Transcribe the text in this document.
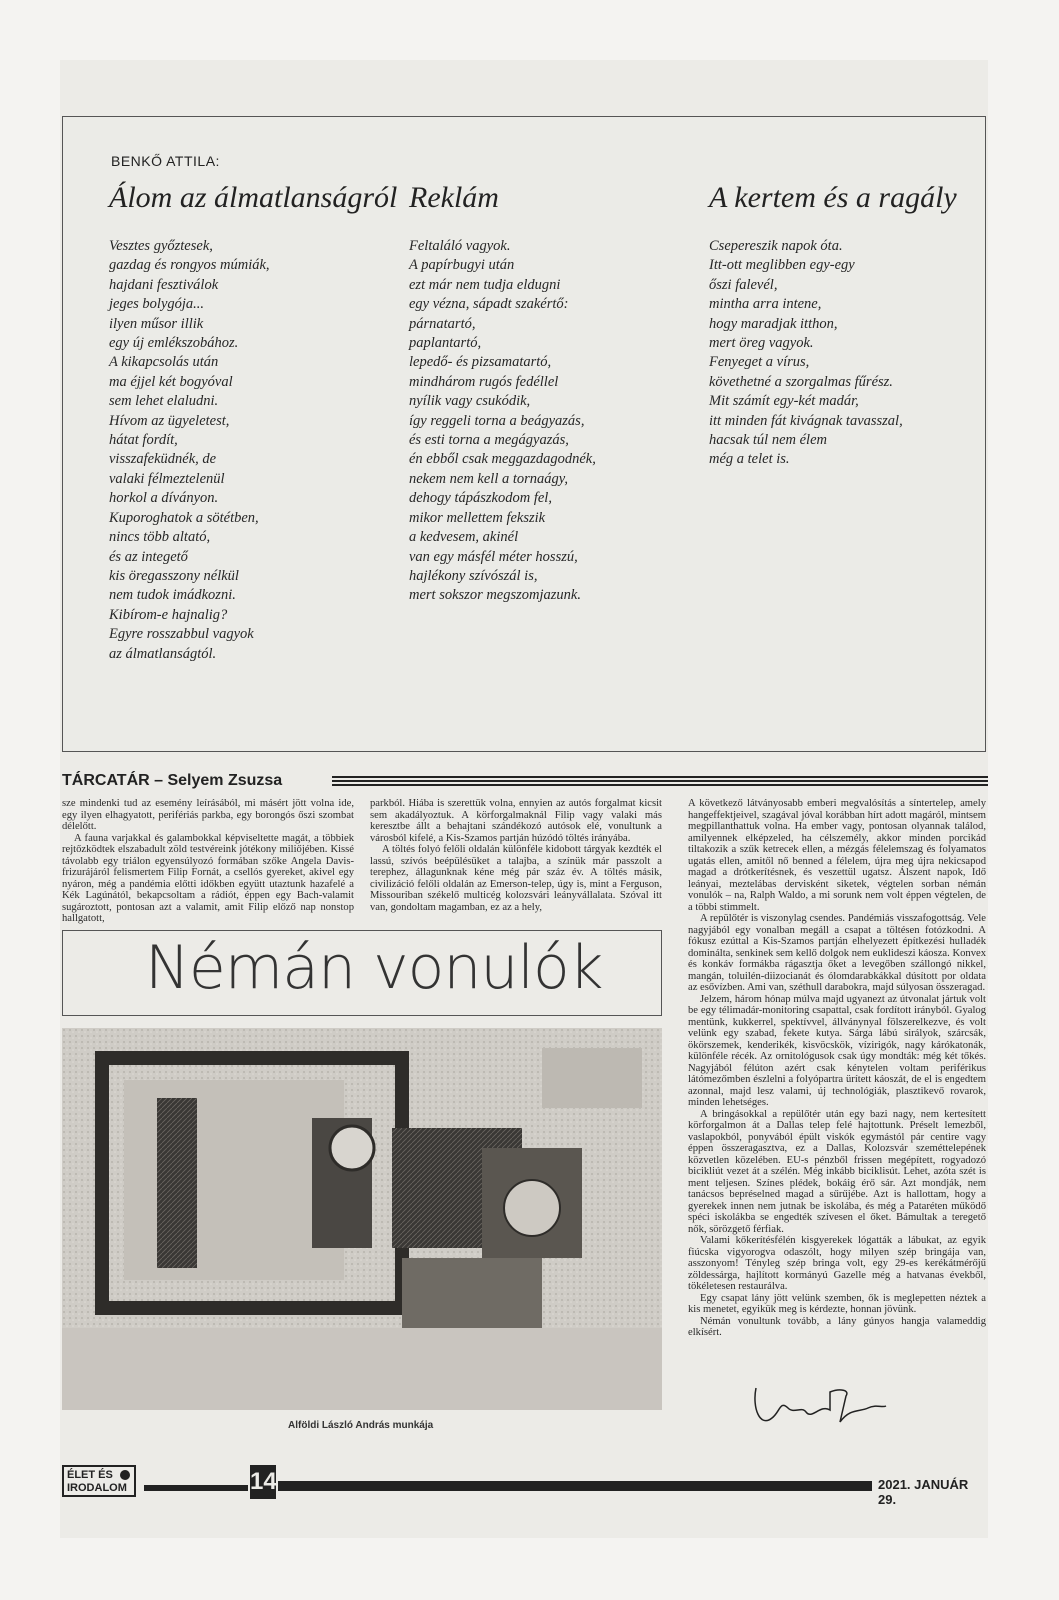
BENKŐ ATTILA:
Álom az álmatlanságról
Vesztes győztesek,
gazdag és rongyos múmiák,
hajdani fesztiválok
jeges bolygója...
ilyen műsor illik
egy új emlékszobához.
A kikapcsolás után
ma éjjel két bogyóval
sem lehet elaludni.
Hívom az ügyeletest,
hátat fordít,
visszafeküdnék, de
valaki félmeztelenül
horkol a díványon.
Kuporoghatok a sötétben,
nincs több altató,
és az integető
kis öregasszony nélkül
nem tudok imádkozni.
Kibírom-e hajnalig?
Egyre rosszabbul vagyok
az álmatlanságtól.
Reklám
Feltaláló vagyok.
A papírbugyi után
ezt már nem tudja eldugni
egy vézna, sápadt szakértő:
párnatartó,
paplantartó,
lepedő- és pizsamatartó,
mindhárom rugós fedéllel
nyílik vagy csukódik,
így reggeli torna a beágyazás,
és esti torna a megágyazás,
én ebből csak meggazdagodnék,
nekem nem kell a tornaágy,
dehogy tápászkodom fel,
mikor mellettem fekszik
a kedvesem, akinél
van egy másfél méter hosszú,
hajlékony szívószál is,
mert sokszor megszomjazunk.
A kertem és a ragály
Csepereszik napok óta.
Itt-ott meglibben egy-egy
őszi falevél,
mintha arra intene,
hogy maradjak itthon,
mert öreg vagyok.
Fenyeget a vírus,
követhetné a szorgalmas fűrész.
Mit számít egy-két madár,
itt minden fát kivágnak tavasszal,
hacsak túl nem élem
még a telet is.
TÁRCATÁR – Selyem Zsuzsa

sze mindenki tud az esemény leírásából, mi másért jött volna ide, egy ilyen elhagyatott, perifériás parkba, egy borongós őszi szombat délelőtt.

A fauna varjakkal és galambokkal képviseltette magát, a többiek rejtőzködtek elszabadult zöld testvéreink jótékony miliőjében. Kissé távolabb egy triálon egyensúlyozó formában szőke Angela Davis-frizurájáról felismertem Filip Fornát, a csellós gyereket, akivel egy nyáron, még a pandémia előtti időkben együtt utaztunk hazafelé a Kék Lagúnától, bekapcsoltam a rádiót, éppen egy Bach-valamit sugároztott, pontosan azt a valamit, amit Filip előző nap nonstop hallgatott,

parkból. Hiába is szerettük volna, ennyien az autós forgalmat kicsit sem akadályoztuk. A körforgalmaknál Filip vagy valaki más keresztbe állt a behajtani szándékozó autósok elé, vonultunk a városból kifelé, a Kis-Szamos partján húzódó töltés irányába.

A töltés folyó felőli oldalán különféle kidobott tárgyak kezdték el lassú, szívós beépülésüket a talajba, a színük már passzolt a terephez, állagunknak kéne még pár száz év. A töltés másik, civilizáció felőli oldalán az Emerson-telep, úgy is, mint a Ferguson, Missouriban székelő multicég kolozsvári leányvállalata. Szóval itt van, gondoltam magamban, ez az a hely,

A következő látványosabb emberi megvalósítás a síntertelep, amely hangeffektjeivel, szagával jóval korábban hírt adott magáról, mintsem megpillanthattuk volna. Ha ember vagy, pontosan olyannak találod, amilyennek elképzeled, ha célszemély, akkor minden porcikád tiltakozik a szűk ketrecek ellen, a mézgás félelemszag és folyamatos ugatás ellen, amitől nő benned a félelem, újra meg újra nekicsapod magad a drótkerítésnek, és veszettül ugatsz. Álszent napok, Idő leányai, meztelábas dervisként siketek, végtelen sorban némán vonulók – na, Ralph Waldo, a mi sorunk nem volt éppen végtelen, de a többi stimmelt.

A repülőtér is viszonylag csendes. Pandémiás visszafogottság. Vele nagyjából egy vonalban megáll a csapat a töltésen fotózkodni. A fókusz ezúttal a Kis-Szamos partján elhelyezett építkezési hulladék dominálta, senkinek sem kellő dolgok nem euklideszi káosza. Konvex és konkáv formákba rágasztja őket a levegőben szállongó nikkel, mangán, toluilén-diizocianát és ólomdarabkákkal dúsított por oldata az esővízben. Ami van, széthull darabokra, majd súlyosan összeragad.

Jelzem, három hónap múlva majd ugyanezt az útvonalat jártuk volt be egy télimadár-monitoring csapattal, csak fordított irányból. Gyalog mentünk, kukkerrel, spektívvel, állványnyal fölszerelkezve, és volt velünk egy szabad, fekete kutya. Sárga lábú sirályok, szárcsák, ökörszemek, kenderikék, kisvöcskök, vízirigók, nagy kárókatonák, különféle récék. Az ornitológusok csak úgy mondták: még két tőkés. Nagyjából félúton azért csak kénytelen voltam periférikus látómezőmben észlelni a folyópartra ürített káoszát, de el is engedtem azonnal, majd lesz valami, új technológiák, plasztikevő rovarok, minden lehetséges.

A bringásokkal a repülőtér után egy bazi nagy, nem kertesített körforgalmon át a Dallas telep felé hajtottunk. Préselt lemezből, vaslapokból, ponyvából épült viskók egymástól pár centire vagy éppen összeragasztva, ez a Dallas, Kolozsvár szeméttelepének közvetlen közelében. EU-s pénzből frissen megépített, rogyadozó bicikliút vezet át a szélén. Még inkább biciklisút. Lehet, azóta szét is ment teljesen. Színes plédek, bokáig érő sár. Azt mondják, nem tanácsos bepréselned magad a sűrűjébe. Azt is hallottam, hogy a gyerekek innen nem jutnak be iskolába, és még a Pataréten működő spéci iskolákba se engedték szívesen el őket. Bámultak a teregető nők, sörözgető férfiak.

Valami kőkerítésfélén kisgyerekek lógatták a lábukat, az egyik fiúcska vigyorogva odaszólt, hogy milyen szép bringája van, asszonyom! Tényleg szép bringa volt, egy 29-es kerékátmérőjű zöldessárga, hajlított kormányú Gazelle még a hatvanas évekből, tökéletesen restaurálva.

Egy csapat lány jött velünk szemben, ők is meglepetten néztek a kis menetet, egyikük meg is kérdezte, honnan jövünk.

Némán vonultunk tovább, a lány gúnyos hangja valameddig elkísért.

Némán vonulók
Alföldi László András munkája
ÉLET ÉS
IRODALOM	14	2021. JANUÁR 29.
